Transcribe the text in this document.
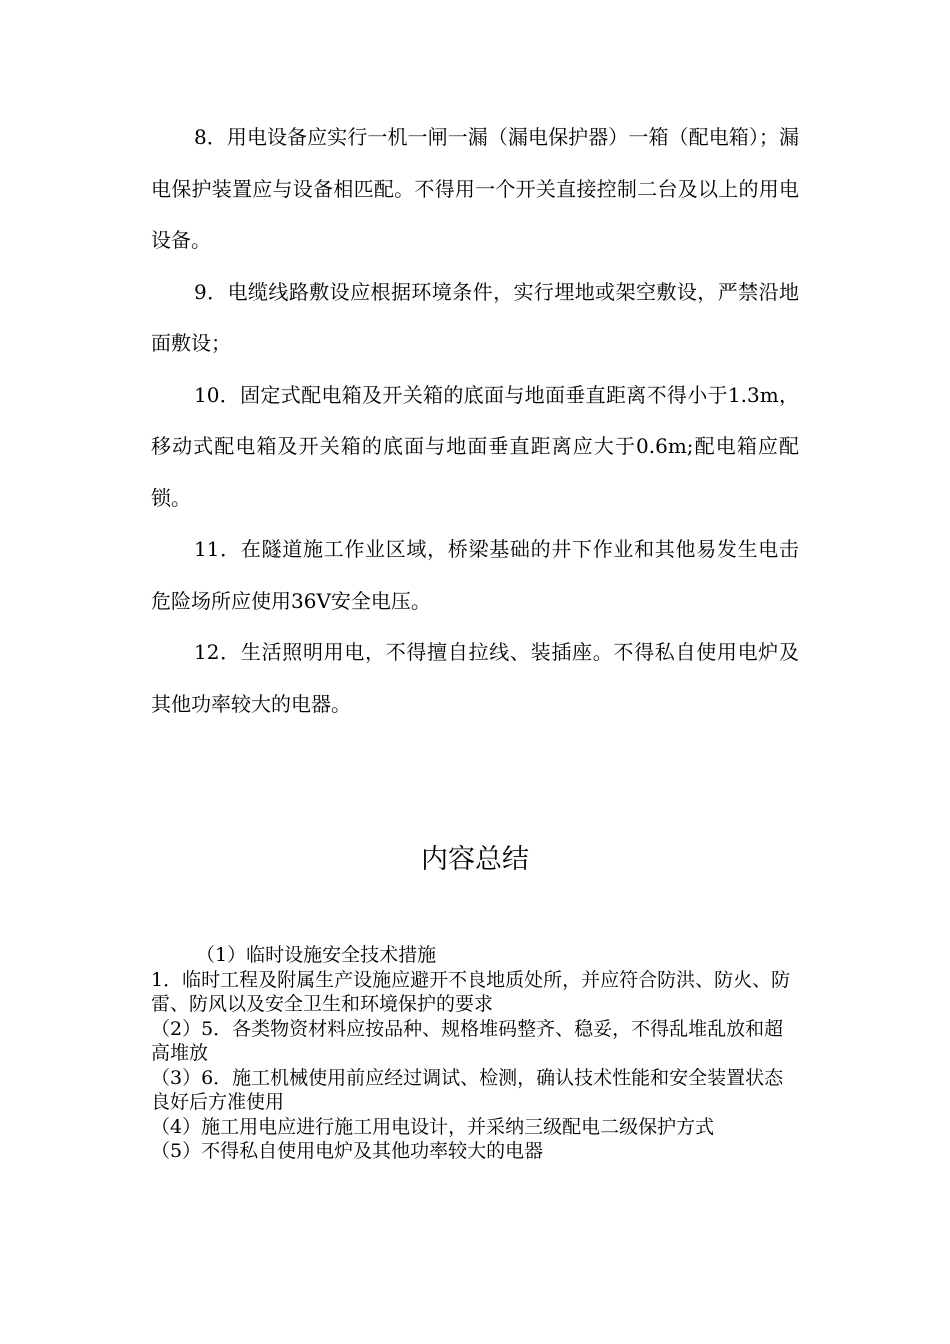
8．用电设备应实行一机一闸一漏（漏电保护器）一箱（配电箱）；漏电保护装置应与设备相匹配。不得用一个开关直接控制二台及以上的用电设备。

9．电缆线路敷设应根据环境条件，实行埋地或架空敷设，严禁沿地面敷设；

10．固定式配电箱及开关箱的底面与地面垂直距离不得小于1.3m，移动式配电箱及开关箱的底面与地面垂直距离应大于0.6m;配电箱应配锁。

11．在隧道施工作业区域，桥梁基础的井下作业和其他易发生电击危险场所应使用36V安全电压。

12．生活照明用电，不得擅自拉线、装插座。不得私自使用电炉及其他功率较大的电器。

内容总结

（1）临时设施安全技术措施

1．临时工程及附属生产设施应避开不良地质处所，并应符合防洪、防火、防雷、防风以及安全卫生和环境保护的要求

（2）5．各类物资材料应按品种、规格堆码整齐、稳妥，不得乱堆乱放和超高堆放

（3）6．施工机械使用前应经过调试、检测，确认技术性能和安全装置状态良好后方准使用

（4）施工用电应进行施工用电设计，并采纳三级配电二级保护方式

（5）不得私自使用电炉及其他功率较大的电器
